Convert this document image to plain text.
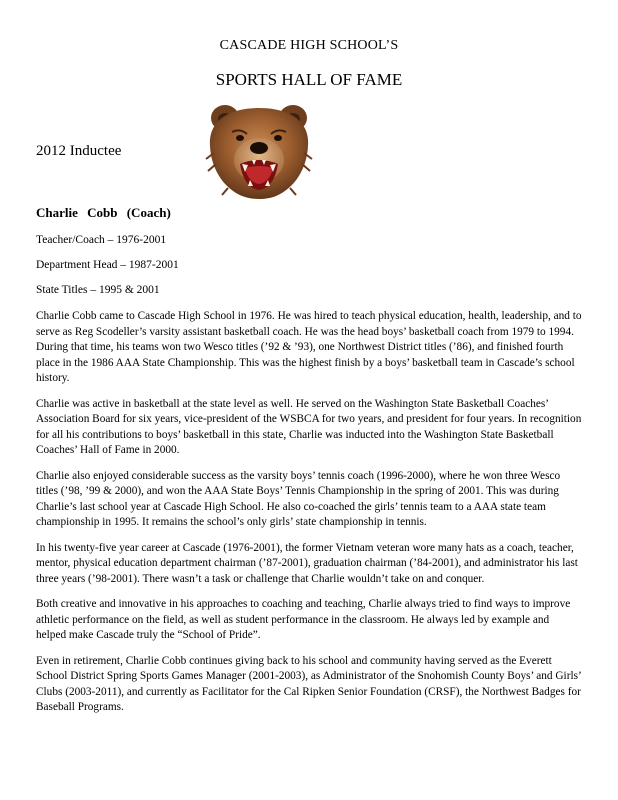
CASCADE HIGH SCHOOL’S
SPORTS HALL OF FAME
2012 Inductee
Charlie Cobb (Coach)
Teacher/Coach – 1976-2001
Department Head – 1987-2001
State Titles – 1995 & 2001

Charlie Cobb came to Cascade High School in 1976. He was hired to teach physical education, health, leadership, and to serve as Reg Scodeller’s varsity assistant basketball coach. He was the head boys’ basketball coach from 1979 to 1994. During that time, his teams won two Wesco titles (’92 & ’93), one Northwest District titles (’86), and finished fourth place in the 1986 AAA State Championship. This was the highest finish by a boys’ basketball team in Cascade’s school history.

Charlie was active in basketball at the state level as well. He served on the Washington State Basketball Coaches’ Association Board for six years, vice-president of the WSBCA for two years, and president for four years. In recognition for all his contributions to boys’ basketball in this state, Charlie was inducted into the Washington State Basketball Coaches’ Hall of Fame in 2000.

Charlie also enjoyed considerable success as the varsity boys’ tennis coach (1996-2000), where he won three Wesco titles (’98, ’99 & 2000), and won the AAA State Boys’ Tennis Championship in the spring of 2001. This was during Charlie’s last school year at Cascade High School. He also co-coached the girls’ tennis team to a AAA state team championship in 1995. It remains the school’s only girls’ state championship in tennis.

In his twenty-five year career at Cascade (1976-2001), the former Vietnam veteran wore many hats as a coach, teacher, mentor, physical education department chairman (’87-2001), graduation chairman (’84-2001), and administrator his last three years (’98-2001). There wasn’t a task or challenge that Charlie wouldn’t take on and conquer.

Both creative and innovative in his approaches to coaching and teaching, Charlie always tried to find ways to improve athletic performance on the field, as well as student performance in the classroom. He always led by example and helped make Cascade truly the “School of Pride”.

Even in retirement, Charlie Cobb continues giving back to his school and community having served as the Everett School District Spring Sports Games Manager (2001-2003), as Administrator of the Snohomish County Boys’ and Girls’ Clubs (2003-2011), and currently as Facilitator for the Cal Ripken Senior Foundation (CRSF), the Northwest Badges for Baseball Programs.
